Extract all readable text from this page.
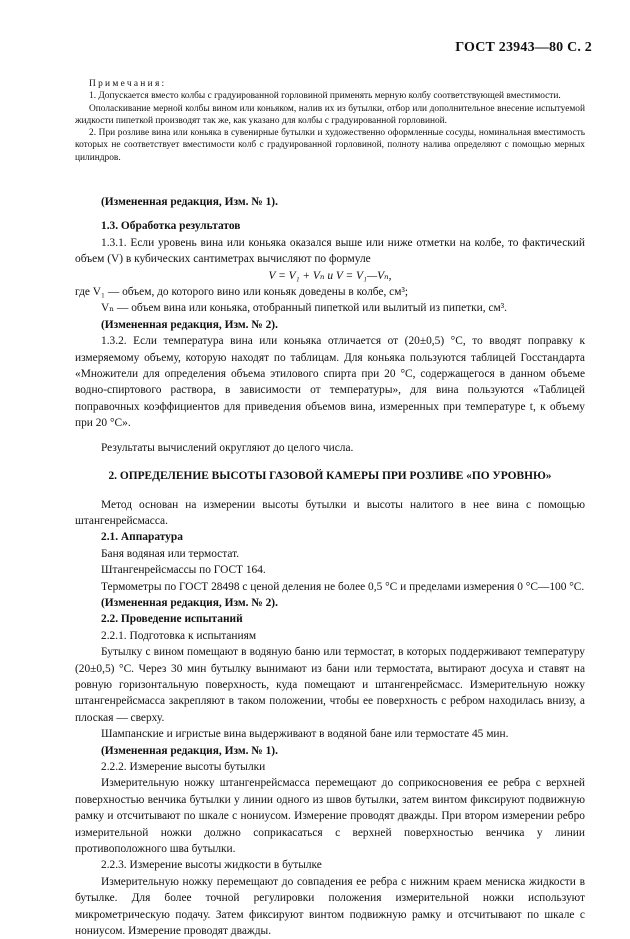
ГОСТ 23943—80 С. 2

Примечания:

1. Допускается вместо колбы с градуированной горловиной применять мерную колбу соответствующей вместимости.

Ополаскивание мерной колбы вином или коньяком, налив их из бутылки, отбор или дополнительное внесение испытуемой жидкости пипеткой производят так же, как указано для колбы с градуированной горловиной.

2. При розливе вина или коньяка в сувенирные бутылки и художественно оформленные сосуды, номинальная вместимость которых не соответствует вместимости колб с градуированной горловиной, полноту налива определяют с помощью мерных цилиндров.

(Измененная редакция, Изм. № 1).

1.3. Обработка результатов

1.3.1. Если уровень вина или коньяка оказался выше или ниже отметки на колбе, то фактический объем (V) в кубических сантиметрах вычисляют по формуле

V = V₁ + Vₙ и V = V₁—Vₙ,

где V₁ — объем, до которого вино или коньяк доведены в колбе, см³;

Vₙ — объем вина или коньяка, отобранный пипеткой или вылитый из пипетки, см³.

(Измененная редакция, Изм. № 2).

1.3.2. Если температура вина или коньяка отличается от (20±0,5) °С, то вводят поправку к измеряемому объему, которую находят по таблицам. Для коньяка пользуются таблицей Госстандарта «Множители для определения объема этилового спирта при 20 °С, содержащегося в данном объеме водно-спиртового раствора, в зависимости от температуры», для вина пользуются «Таблицей поправочных коэффициентов для приведения объемов вина, измеренных при температуре t, к объему при 20 °С».

Результаты вычислений округляют до целого числа.

2. ОПРЕДЕЛЕНИЕ ВЫСОТЫ ГАЗОВОЙ КАМЕРЫ ПРИ РОЗЛИВЕ «ПО УРОВНЮ»

Метод основан на измерении высоты бутылки и высоты налитого в нее вина с помощью штангенрейсмасса.

2.1. Аппаратура

Баня водяная или термостат.

Штангенрейсмассы по ГОСТ 164.

Термометры по ГОСТ 28498 с ценой деления не более 0,5 °С и пределами измерения 0 °С—100 °С.

(Измененная редакция, Изм. № 2).

2.2. Проведение испытаний

2.2.1. Подготовка к испытаниям

Бутылку с вином помещают в водяную баню или термостат, в которых поддерживают температуру (20±0,5) °С. Через 30 мин бутылку вынимают из бани или термостата, вытирают досуха и ставят на ровную горизонтальную поверхность, куда помещают и штангенрейсмасс. Измерительную ножку штангенрейсмасса закрепляют в таком положении, чтобы ее поверхность с ребром находилась внизу, а плоская — сверху.

Шампанские и игристые вина выдерживают в водяной бане или термостате 45 мин.

(Измененная редакция, Изм. № 1).

2.2.2. Измерение высоты бутылки

Измерительную ножку штангенрейсмасса перемещают до соприкосновения ее ребра с верхней поверхностью венчика бутылки у линии одного из швов бутылки, затем винтом фиксируют подвижную рамку и отсчитывают по шкале с нониусом. Измерение проводят дважды. При втором измерении ребро измерительной ножки должно соприкасаться с верхней поверхностью венчика у линии противоположного шва бутылки.

2.2.3. Измерение высоты жидкости в бутылке

Измерительную ножку перемещают до совпадения ее ребра с нижним краем мениска жидкости в бутылке. Для более точной регулировки положения измерительной ножки используют микрометрическую подачу. Затем фиксируют винтом подвижную рамку и отсчитывают по шкале с нониусом. Измерение проводят дважды.
